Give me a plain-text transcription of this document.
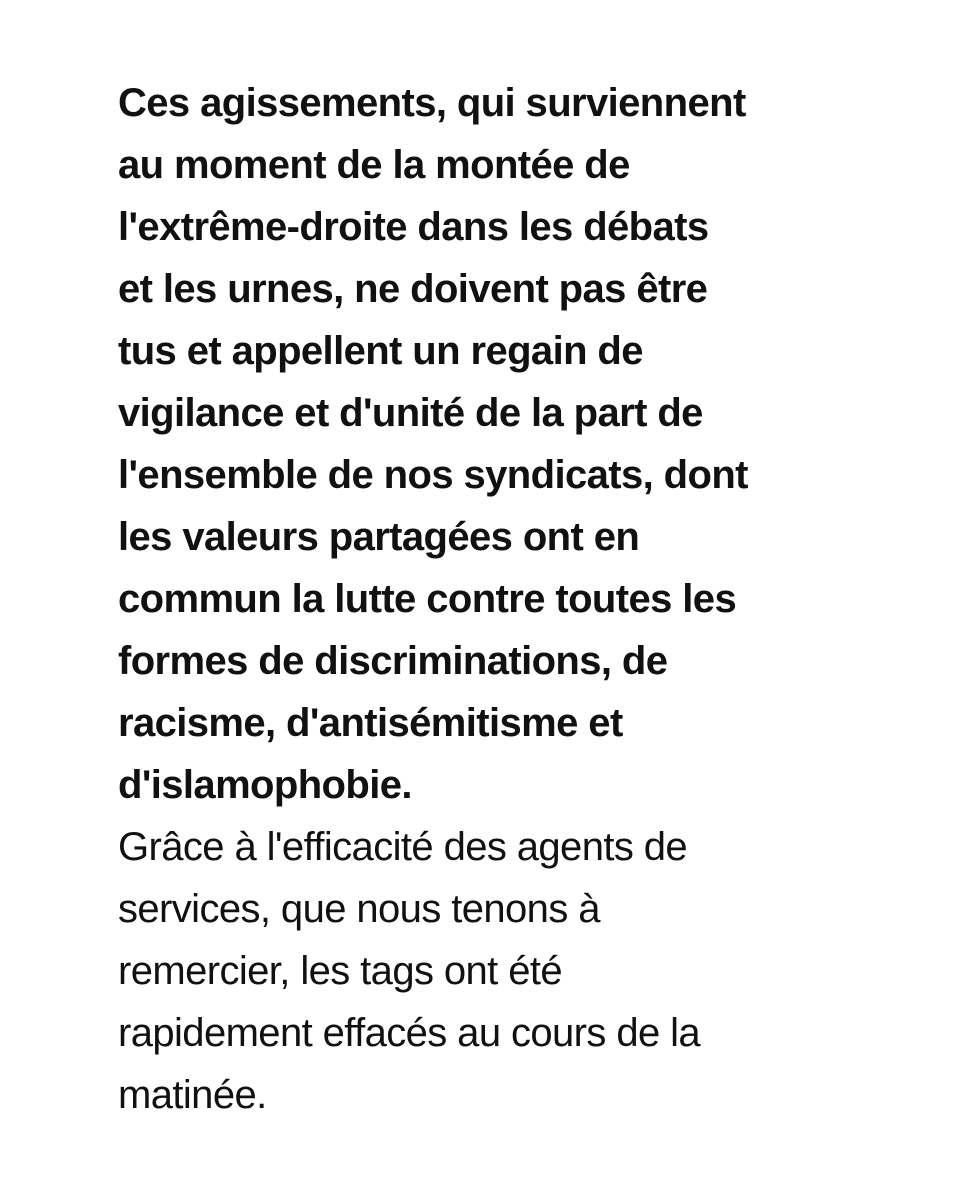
Ces agissements, qui surviennent
au moment de la montée de
l'extrême-droite dans les débats
et les urnes, ne doivent pas être
tus et appellent un regain de
vigilance et d'unité de la part de
l'ensemble de nos syndicats, dont
les valeurs partagées ont en
commun la lutte contre toutes les
formes de discriminations, de
racisme, d'antisémitisme et
d'islamophobie.
Grâce à l'efficacité des agents de
services, que nous tenons à
remercier, les tags ont été
rapidement effacés au cours de la
matinée.
